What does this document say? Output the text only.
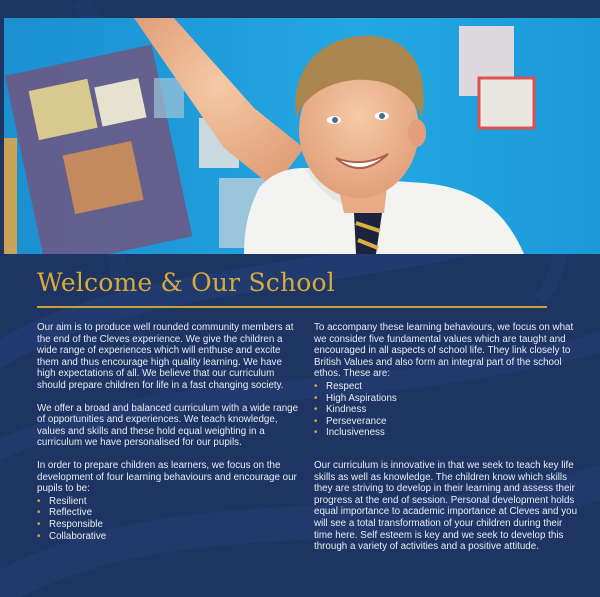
Welcome & Our School

Our aim is to produce well rounded community members at the end of the Cleves experience. We give the children a wide range of experiences which will enthuse and excite them and thus encourage high quality learning. We have high expectations of all. We believe that our curriculum should prepare children for life in a fast changing society.

We offer a broad and balanced curriculum with a wide range of opportunities and experiences. We teach knowledge, values and skills and these hold equal weighting in a curriculum we have personalised for our pupils.

In order to prepare children as learners, we focus on the development of four learning behaviours and encourage our pupils to be:

• Resilient
• Reflective
• Responsible
• Collaborative

To accompany these learning behaviours, we focus on what we consider five fundamental values which are taught and encouraged in all aspects of school life. They link closely to British Values and also form an integral part of the school ethos. These are:

• Respect
• High Aspirations
• Kindness
• Perseverance
• Inclusiveness

Our curriculum is innovative in that we seek to teach key life skills as well as knowledge. The children know which skills they are striving to develop in their learning and assess their progress at the end of session. Personal development holds equal importance to academic importance at Cleves and you will see a total transformation of your children during their time here. Self esteem is key and we seek to develop this through a variety of activities and a positive attitude.
